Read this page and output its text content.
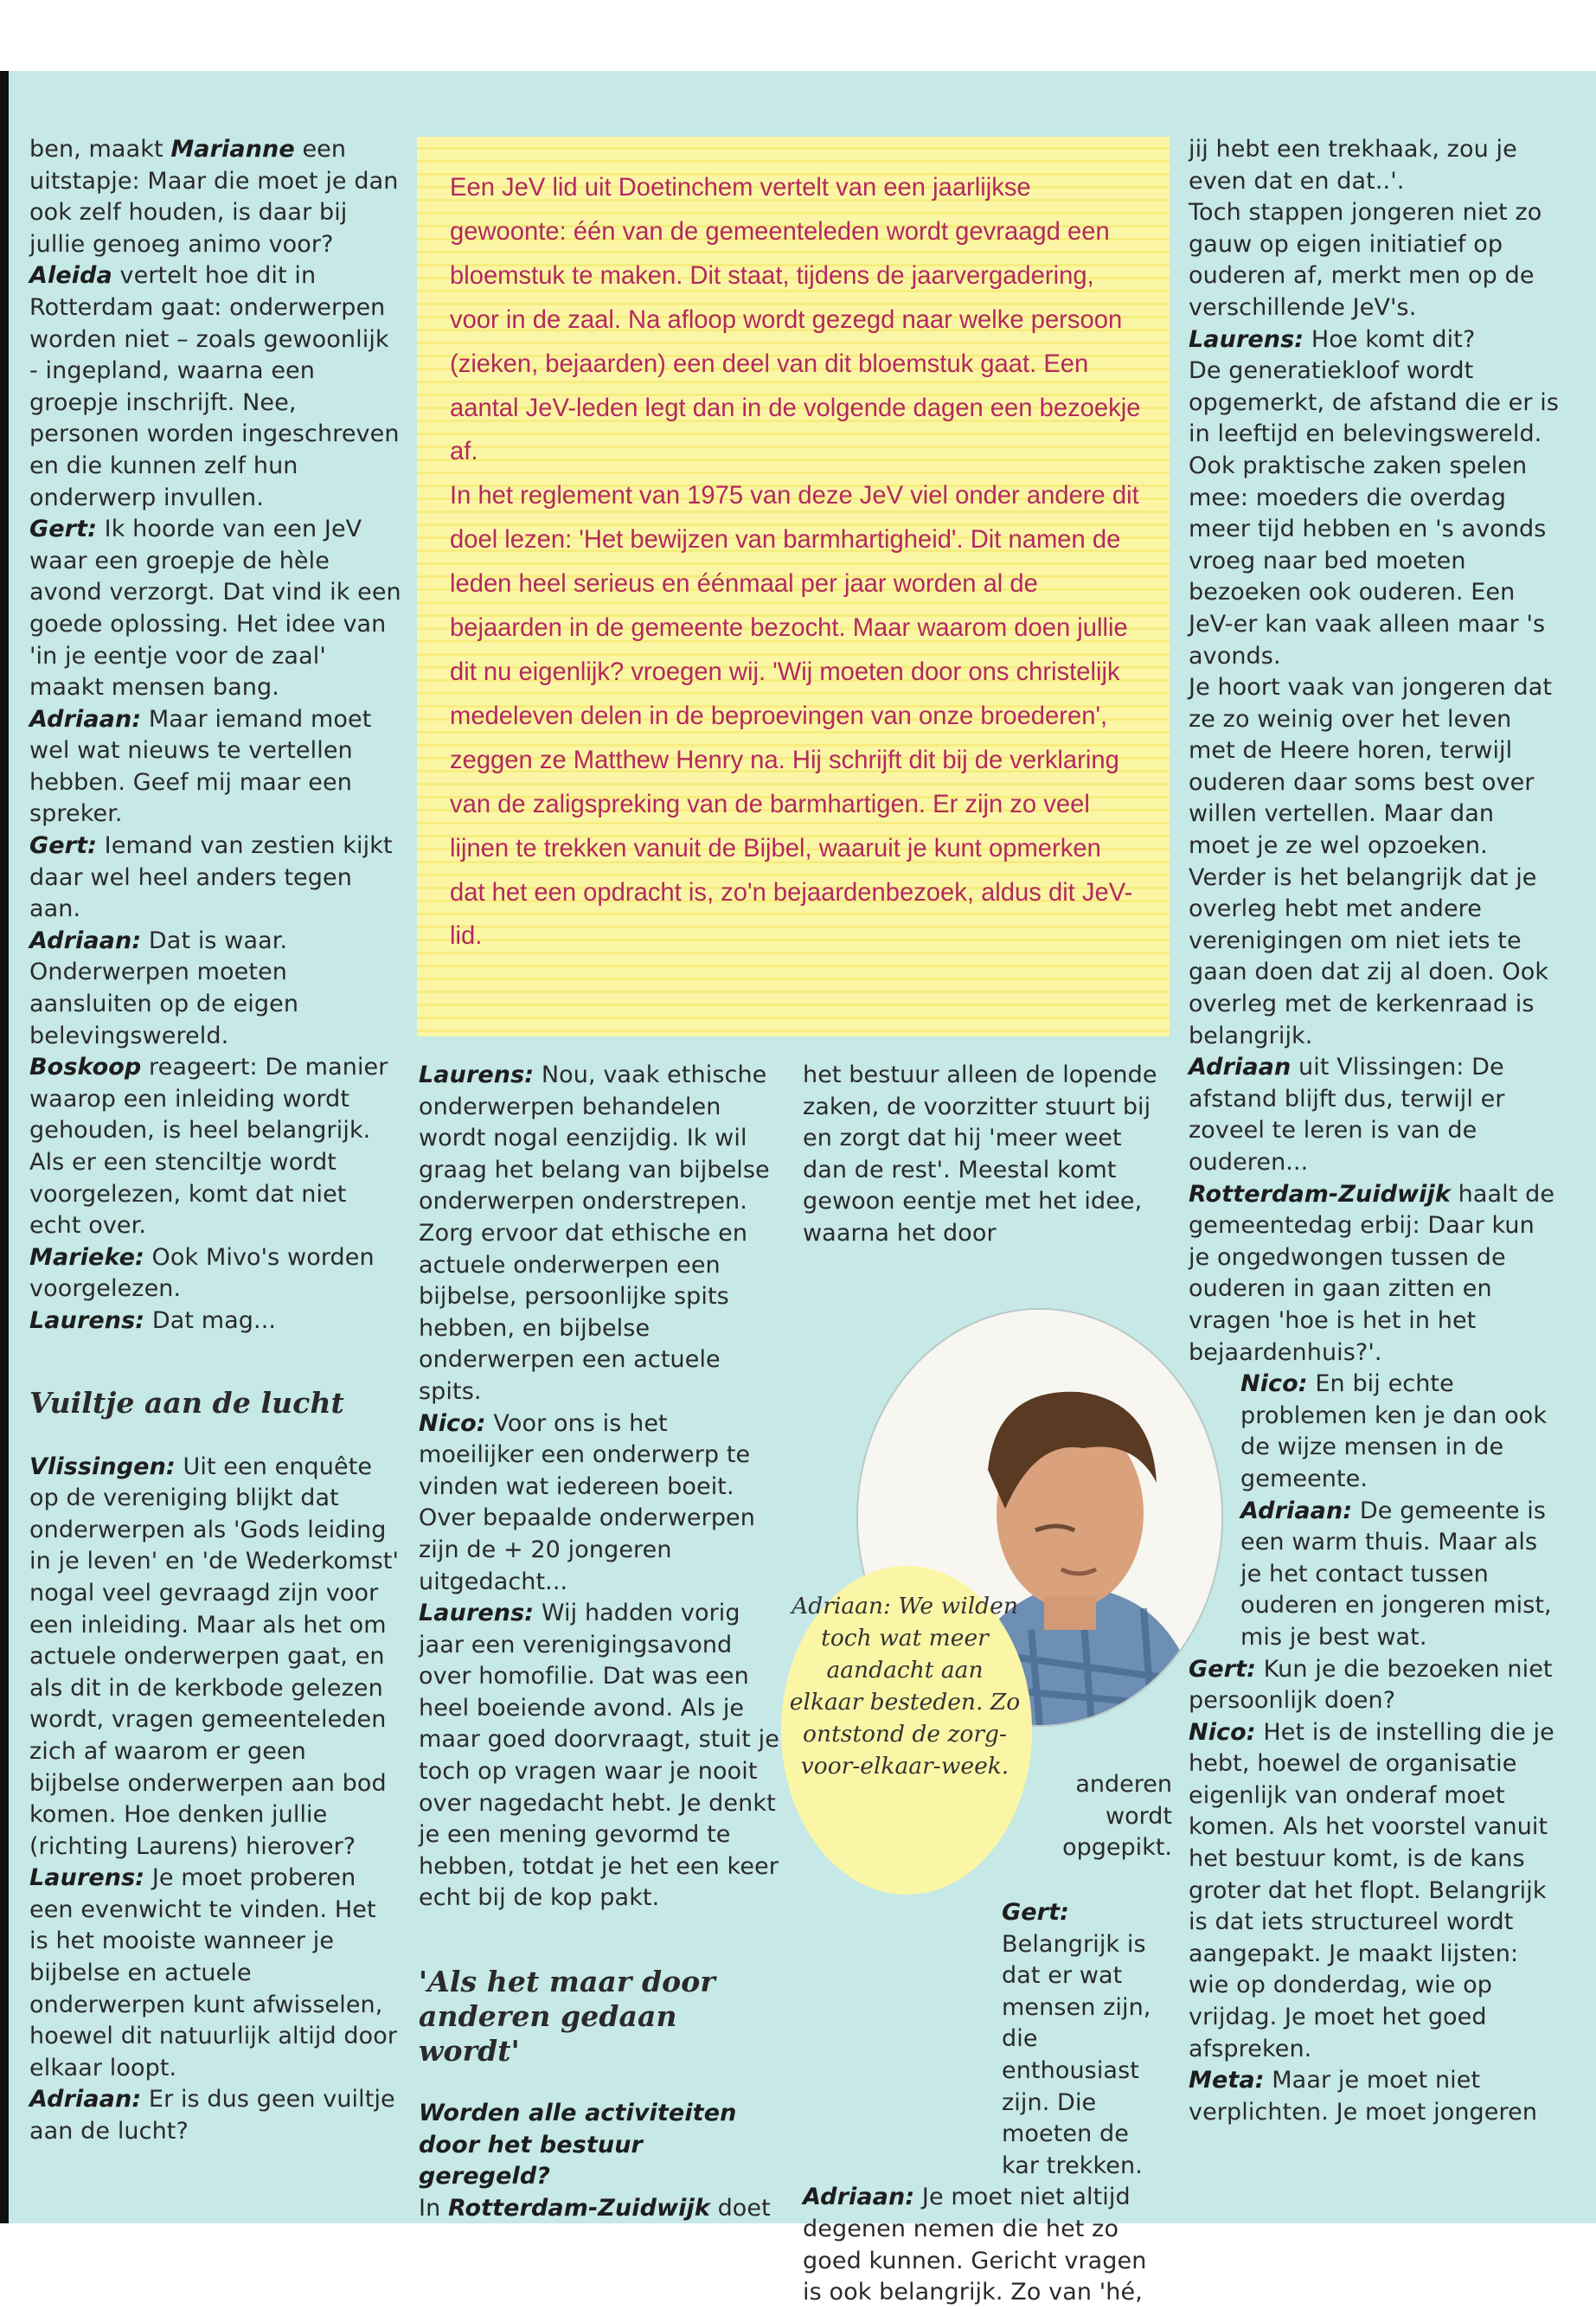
ben, maakt Marianne een uitstapje: Maar die moet je dan ook zelf houden, is daar bij jullie genoeg animo voor?

Aleida vertelt hoe dit in Rotterdam gaat: onderwerpen worden niet – zoals gewoonlijk - ingepland, waarna een groepje inschrijft. Nee, personen worden ingeschreven en die kunnen zelf hun onderwerp invullen.

Gert: Ik hoorde van een JeV waar een groepje de hèle avond verzorgt. Dat vind ik een goede oplossing. Het idee van 'in je eentje voor de zaal' maakt mensen bang.

Adriaan: Maar iemand moet wel wat nieuws te vertellen hebben. Geef mij maar een spreker.

Gert: Iemand van zestien kijkt daar wel heel anders tegen aan.

Adriaan: Dat is waar. Onderwerpen moeten aansluiten op de eigen belevingswereld.

Boskoop reageert: De manier waarop een inleiding wordt gehouden, is heel belangrijk. Als er een stenciltje wordt voorgelezen, komt dat niet echt over.

Marieke: Ook Mivo's worden voorgelezen.

Laurens: Dat mag...

Vuiltje aan de lucht

Vlissingen: Uit een enquête op de vereniging blijkt dat onderwerpen als 'Gods leiding in je leven' en 'de Wederkomst' nogal veel gevraagd zijn voor een inleiding. Maar als het om actuele onderwerpen gaat, en als dit in de kerkbode gelezen wordt, vragen gemeenteleden zich af waarom er geen bijbelse onderwerpen aan bod komen. Hoe denken jullie (richting Laurens) hierover?

Laurens: Je moet proberen een evenwicht te vinden. Het is het mooiste wanneer je bijbelse en actuele onderwerpen kunt afwisselen, hoewel dit natuurlijk altijd door elkaar loopt.

Adriaan: Er is dus geen vuiltje aan de lucht?

Een JeV lid uit Doetinchem vertelt van een jaarlijkse gewoonte: één van de gemeenteleden wordt gevraagd een bloemstuk te maken. Dit staat, tijdens de jaarvergadering, voor in de zaal. Na afloop wordt gezegd naar welke persoon (zieken, bejaarden) een deel van dit bloemstuk gaat. Een aantal JeV-leden legt dan in de volgende dagen een bezoekje af.

In het reglement van 1975 van deze JeV viel onder andere dit doel lezen: 'Het bewijzen van barmhartigheid'. Dit namen de leden heel serieus en éénmaal per jaar worden al de bejaarden in de gemeente bezocht. Maar waarom doen jullie dit nu eigenlijk? vroegen wij. 'Wij moeten door ons christelijk medeleven delen in de beproevingen van onze broederen', zeggen ze Matthew Henry na. Hij schrijft dit bij de verklaring van de zaligspreking van de barmhartigen. Er zijn zo veel lijnen te trekken vanuit de Bijbel, waaruit je kunt opmerken dat het een opdracht is, zo'n bejaardenbezoek, aldus dit JeV-lid.

Laurens: Nou, vaak ethische onderwerpen behandelen wordt nogal eenzijdig. Ik wil graag het belang van bijbelse onderwerpen onderstrepen. Zorg ervoor dat ethische en actuele onderwerpen een bijbelse, persoonlijke spits hebben, en bijbelse onderwerpen een actuele spits.

Nico: Voor ons is het moeilijker een onderwerp te vinden wat iedereen boeit. Over bepaalde onderwerpen zijn de + 20 jongeren uitgedacht...

Laurens: Wij hadden vorig jaar een verenigingsavond over homofilie. Dat was een heel boeiende avond. Als je maar goed doorvraagt, stuit je toch op vragen waar je nooit over nagedacht hebt. Je denkt je een mening gevormd te hebben, totdat je het een keer echt bij de kop pakt.

'Als het maar door anderen gedaan wordt'

Worden alle activiteiten door het bestuur geregeld?

In Rotterdam-Zuidwijk doet

het bestuur alleen de lopende zaken, de voorzitter stuurt bij en zorgt dat hij 'meer weet dan de rest'. Meestal komt gewoon eentje met het idee, waarna het door

Adriaan: We wilden toch wat meer aandacht aan elkaar besteden. Zo ontstond de zorg-voor-elkaar-week.
anderen wordt opgepikt.

Gert: Belangrijk is dat er wat mensen zijn, die enthousiast zijn. Die moeten de kar trekken.

Adriaan: Je moet niet altijd degenen nemen die het zo goed kunnen. Gericht vragen is ook belangrijk. Zo van 'hé,

jij hebt een trekhaak, zou je even dat en dat..'.

Toch stappen jongeren niet zo gauw op eigen initiatief op ouderen af, merkt men op de verschillende JeV's.

Laurens: Hoe komt dit?

De generatiekloof wordt opgemerkt, de afstand die er is in leeftijd en belevingswereld. Ook praktische zaken spelen mee: moeders die overdag meer tijd hebben en 's avonds vroeg naar bed moeten bezoeken ook ouderen. Een JeV-er kan vaak alleen maar 's avonds.

Je hoort vaak van jongeren dat ze zo weinig over het leven met de Heere horen, terwijl ouderen daar soms best over willen vertellen. Maar dan moet je ze wel opzoeken. Verder is het belangrijk dat je overleg hebt met andere verenigingen om niet iets te gaan doen dat zij al doen. Ook overleg met de kerkenraad is belangrijk.

Adriaan uit Vlissingen: De afstand blijft dus, terwijl er zoveel te leren is van de ouderen...

Rotterdam-Zuidwijk haalt de gemeentedag erbij: Daar kun je ongedwongen tussen de ouderen in gaan zitten en vragen 'hoe is het in het bejaardenhuis?'.

Nico: En bij echte problemen ken je dan ook de wijze mensen in de gemeente.

Adriaan: De gemeente is een warm thuis. Maar als je het contact tussen ouderen en jongeren mist, mis je best wat.

Gert: Kun je die bezoeken niet persoonlijk doen?

Nico: Het is de instelling die je hebt, hoewel de organisatie eigenlijk van onderaf moet komen. Als het voorstel vanuit het bestuur komt, is de kans groter dat het flopt. Belangrijk is dat iets structureel wordt aangepakt. Je maakt lijsten: wie op donderdag, wie op vrijdag. Je moet het goed afspreken.

Meta: Maar je moet niet verplichten. Je moet jongeren
